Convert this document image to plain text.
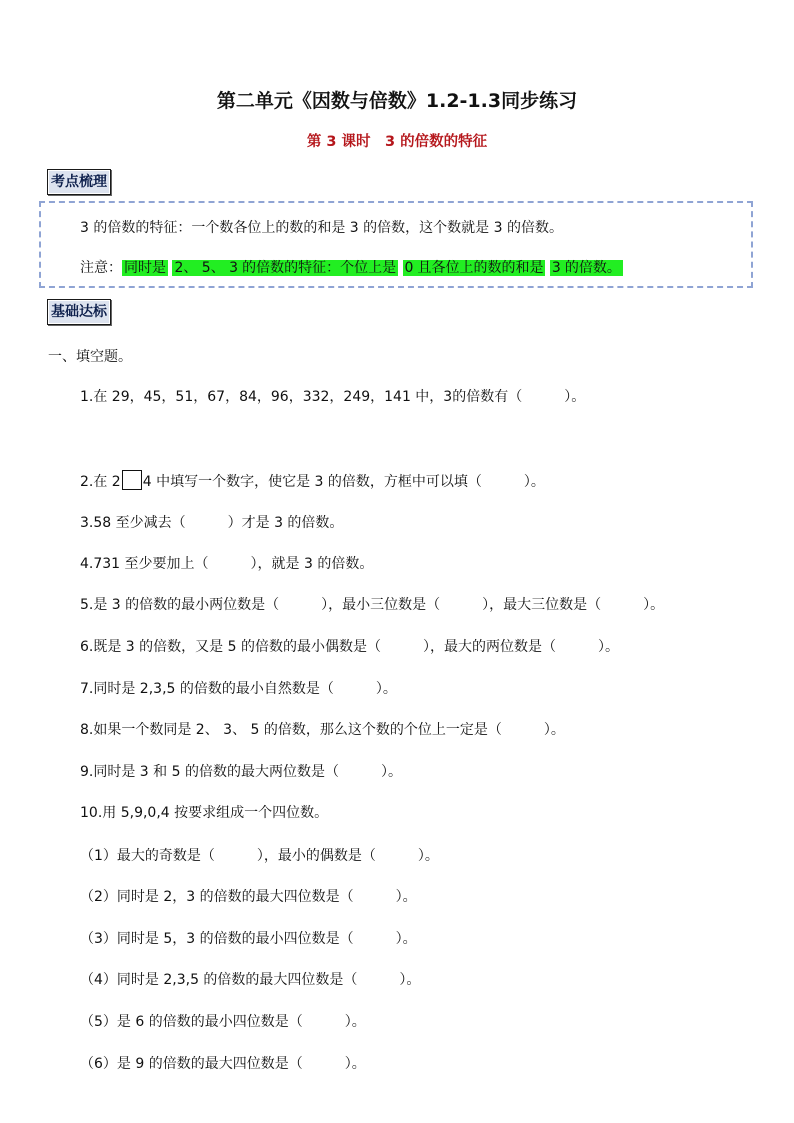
第二单元《因数与倍数》1.2-1.3同步练习
第 3 课时　3 的倍数的特征
考点梳理
3 的倍数的特征：一个数各位上的数的和是 3 的倍数，这个数就是 3 的倍数。
注意： 同时是 2、 5、 3 的倍数的特征：个位上是 0 且各位上的数的和是 3 的倍数。
基础达标
一、填空题。
1.在 29，45，51，67，84，96，332，249，141 中，3的倍数有（　　　）。
2.在 2 4 中填写一个数字，使它是 3 的倍数，方框中可以填（　　　）。
3.58 至少减去（　　　）才是 3 的倍数。
4.731 至少要加上（　　　），就是 3 的倍数。
5.是 3 的倍数的最小两位数是（　　　），最小三位数是（　　　），最大三位数是（　　　）。
6.既是 3 的倍数，又是 5 的倍数的最小偶数是（　　　），最大的两位数是（　　　）。
7.同时是 2,3,5 的倍数的最小自然数是（　　　）。
8.如果一个数同是 2、 3、 5 的倍数，那么这个数的个位上一定是（　　　）。
9.同时是 3 和 5 的倍数的最大两位数是（　　　）。
10.用 5,9,0,4 按要求组成一个四位数。
（1）最大的奇数是（　　　），最小的偶数是（　　　）。
（2）同时是 2，3 的倍数的最大四位数是（　　　）。
（3）同时是 5，3 的倍数的最小四位数是（　　　）。
（4）同时是 2,3,5 的倍数的最大四位数是（　　　）。
（5）是 6 的倍数的最小四位数是（　　　）。
（6）是 9 的倍数的最大四位数是（　　　）。
